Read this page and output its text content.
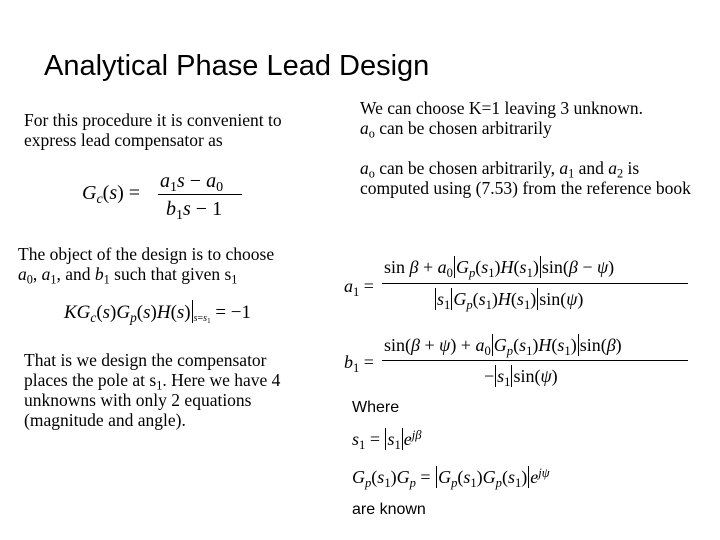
Analytical Phase Lead Design
For this procedure it is convenient to express lead compensator as
$G_c(s)$ =
$a_1s - a_0$
$b_1s - 1$
The object of the design is to choose
$a_0$, $a_1$, and $b_1$ such that given $s_1$
$KG_c(s)G_p(s)H(s) _{s=s_1} = -1$
That is we design the compensator places the pole at $s_1$. Here we have 4 unknowns with only 2 equations (magnitude and angle).
We can choose K=1 leaving 3 unknown.
$a_o$ can be chosen arbitrarily
$a_o$ can be chosen arbitrarily, $a_1$ and $a_2$ is computed using (7.53) from the reference book
$a_1$ =
$\sin \beta + a_0$ $G_p(s_1)H(s_1) \sin(\beta - \psi)$
$s_1$ $G_p(s_1)H(s_1)$ sin(ψ)
$b_1$ =
$\sin(\beta + \psi) + a_0$ $G_p(s_1)H(s_1)$ sin(β)
− $s_1$ sin(ψ)
Where
$s_1 = s_1$ $e^{j\beta}$
$G_p(s_1)G_p = G_p(s_1)G_p(s_1)$ $e^{j\psi}$
are known
